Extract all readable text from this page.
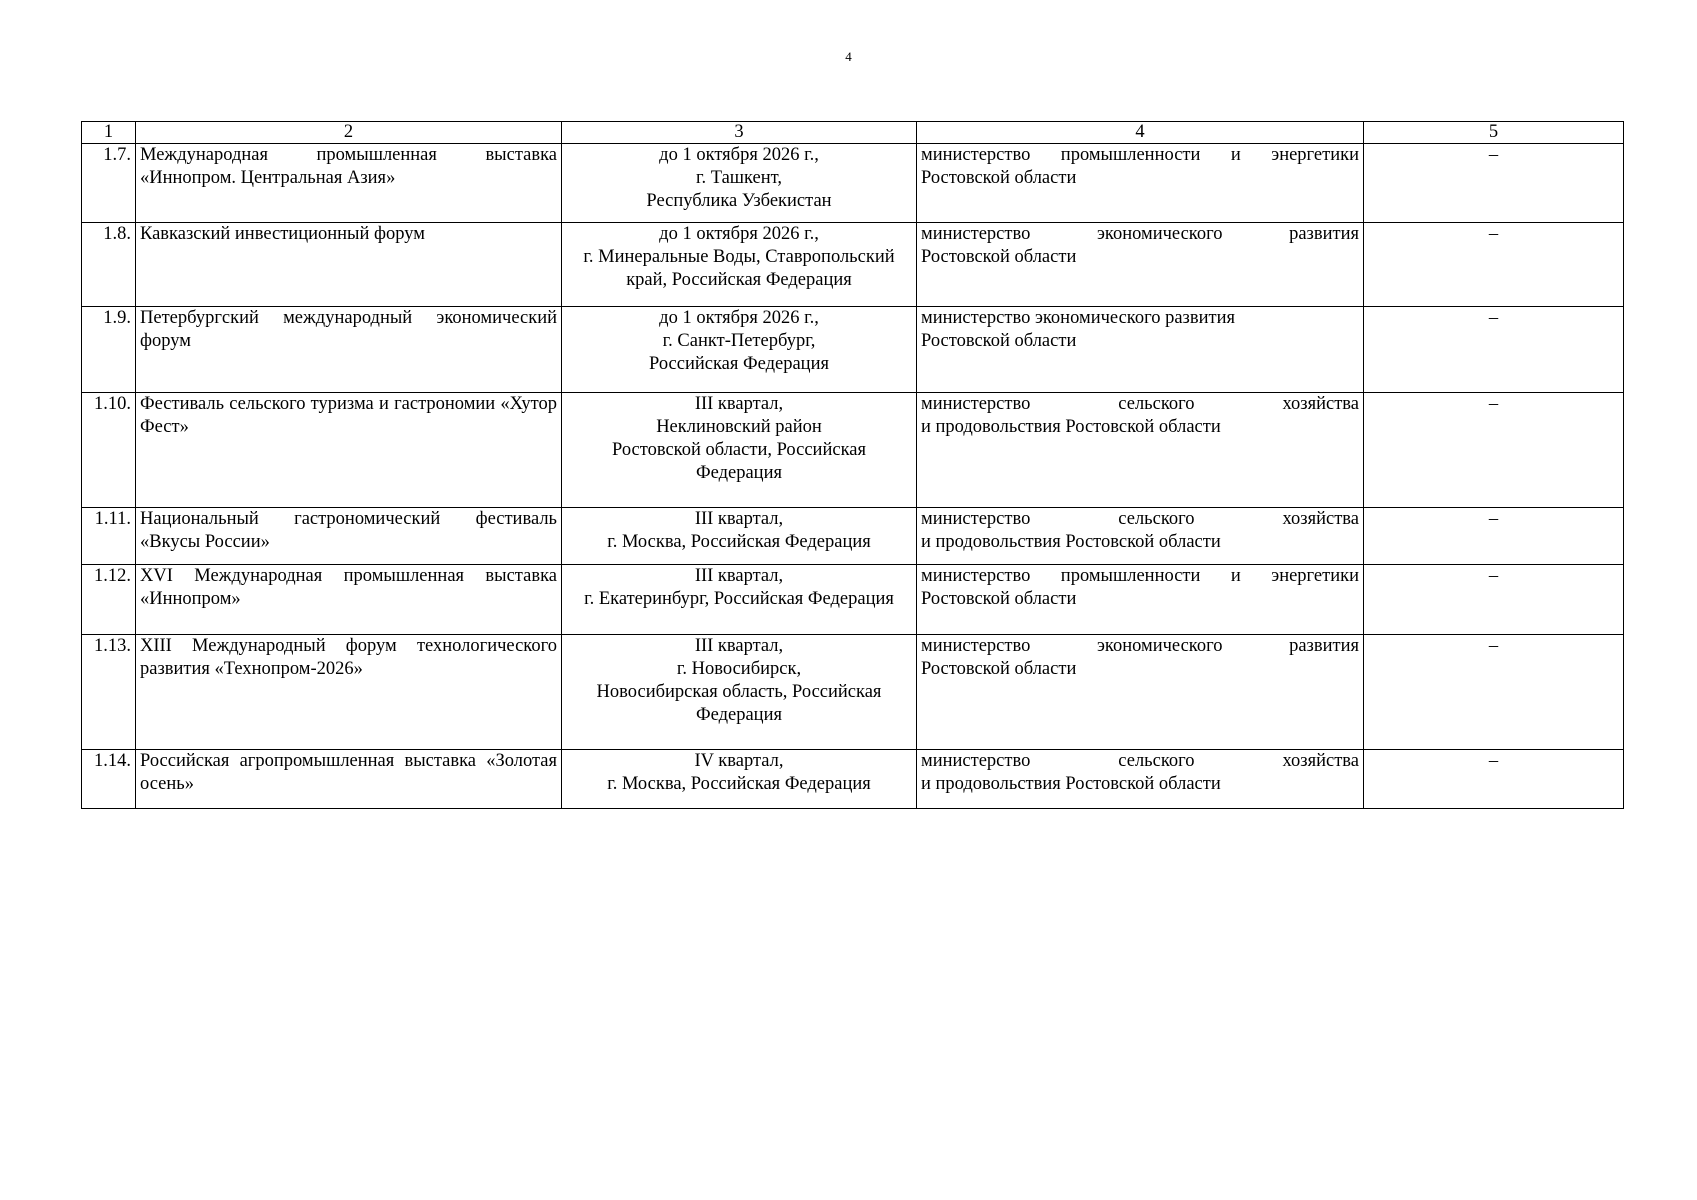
4
1	2	3	4	5
1.7.	Международная промышленная выставка «Иннопром. Центральная Азия»	до 1 октября 2026 г.,
г. Ташкент,
Республика Узбекистан	министерство промышленности и энергетики
Ростовской области	–
1.8.	Кавказский инвестиционный форум	до 1 октября 2026 г.,
г. Минеральные Воды, Ставропольский
край, Российская Федерация	министерство экономического развития
Ростовской области	–
1.9.	Петербургский международный экономический форум	до 1 октября 2026 г.,
г. Санкт-Петербург,
Российская Федерация	министерство экономического развития
Ростовской области	–
1.10.	Фестиваль сельского туризма и гастрономии «Хутор Фест»	III квартал,
Неклиновский район
Ростовской области, Российская
Федерация	министерство сельского хозяйства
и продовольствия Ростовской области	–
1.11.	Национальный гастрономический фестиваль «Вкусы России»	III квартал,
г. Москва, Российская Федерация	министерство сельского хозяйства
и продовольствия Ростовской области	–
1.12.	XVI Международная промышленная выставка «Иннопром»	III квартал,
г. Екатеринбург, Российская Федерация	министерство промышленности и энергетики
Ростовской области	–
1.13.	XIII Международный форум технологического развития «Технопром-2026»	III квартал,
г. Новосибирск,
Новосибирская область, Российская
Федерация	министерство экономического развития
Ростовской области	–
1.14.	Российская агропромышленная выставка «Золотая осень»	IV квартал,
г. Москва, Российская Федерация	министерство сельского хозяйства
и продовольствия Ростовской области	–
